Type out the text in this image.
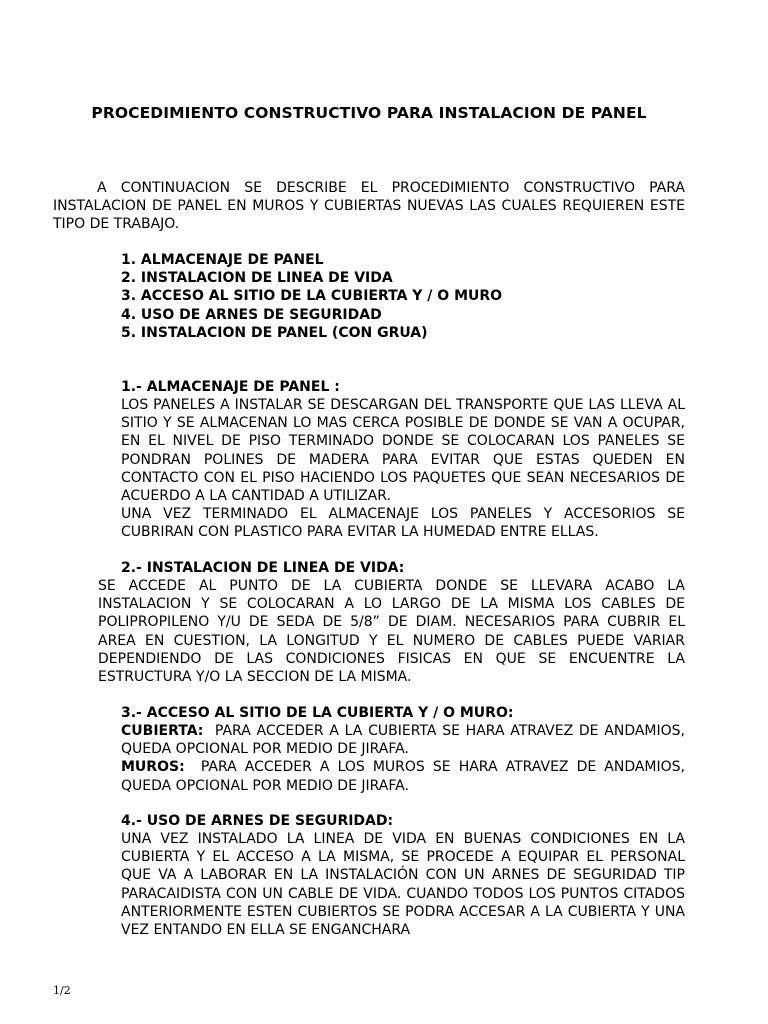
PROCEDIMIENTO CONSTRUCTIVO PARA INSTALACION DE PANEL

A CONTINUACION SE DESCRIBE EL PROCEDIMIENTO CONSTRUCTIVO PARA INSTALACION DE PANEL EN MUROS Y CUBIERTAS NUEVAS LAS CUALES REQUIEREN ESTE TIPO DE TRABAJO.

1. ALMACENAJE DE PANEL
2. INSTALACION DE LINEA DE VIDA
3. ACCESO AL SITIO DE LA CUBIERTA Y / O MURO
4. USO DE ARNES DE SEGURIDAD
5. INSTALACION DE PANEL (CON GRUA)
1.- ALMACENAJE DE PANEL :

LOS PANELES A INSTALAR SE DESCARGAN DEL TRANSPORTE QUE LAS LLEVA AL SITIO Y SE ALMACENAN LO MAS CERCA POSIBLE DE DONDE SE VAN A OCUPAR, EN EL NIVEL DE PISO TERMINADO DONDE SE COLOCARAN LOS PANELES SE PONDRAN POLINES DE MADERA PARA EVITAR QUE ESTAS QUEDEN EN CONTACTO CON EL PISO HACIENDO LOS PAQUETES QUE SEAN NECESARIOS DE ACUERDO A LA CANTIDAD A UTILIZAR.

UNA VEZ TERMINADO EL ALMACENAJE LOS PANELES Y ACCESORIOS SE CUBRIRAN CON PLASTICO PARA EVITAR LA HUMEDAD ENTRE ELLAS.

2.- INSTALACION DE LINEA DE VIDA:

SE ACCEDE AL PUNTO DE LA CUBIERTA DONDE SE LLEVARA ACABO LA INSTALACION Y SE COLOCARAN A LO LARGO DE LA MISMA LOS CABLES DE POLIPROPILENO Y/U DE SEDA DE 5/8” DE DIAM. NECESARIOS PARA CUBRIR EL AREA EN CUESTION, LA LONGITUD Y EL NUMERO DE CABLES PUEDE VARIAR DEPENDIENDO DE LAS CONDICIONES FISICAS EN QUE SE ENCUENTRE LA ESTRUCTURA Y/O LA SECCION DE LA MISMA.

3.- ACCESO AL SITIO DE LA CUBIERTA Y / O MURO:

CUBIERTA: PARA ACCEDER A LA CUBIERTA SE HARA ATRAVEZ DE ANDAMIOS, QUEDA OPCIONAL POR MEDIO DE JIRAFA.

MUROS: PARA ACCEDER A LOS MUROS SE HARA ATRAVEZ DE ANDAMIOS, QUEDA OPCIONAL POR MEDIO DE JIRAFA.

4.- USO DE ARNES DE SEGURIDAD:

UNA VEZ INSTALADO LA LINEA DE VIDA EN BUENAS CONDICIONES EN LA CUBIERTA Y EL ACCESO A LA MISMA, SE PROCEDE A EQUIPAR EL PERSONAL QUE VA A LABORAR EN LA INSTALACIÓN CON UN ARNES DE SEGURIDAD TIP PARACAIDISTA CON UN CABLE DE VIDA. CUANDO TODOS LOS PUNTOS CITADOS ANTERIORMENTE ESTEN CUBIERTOS SE PODRA ACCESAR A LA CUBIERTA Y UNA VEZ ENTANDO EN ELLA SE ENGANCHARA

1/2
